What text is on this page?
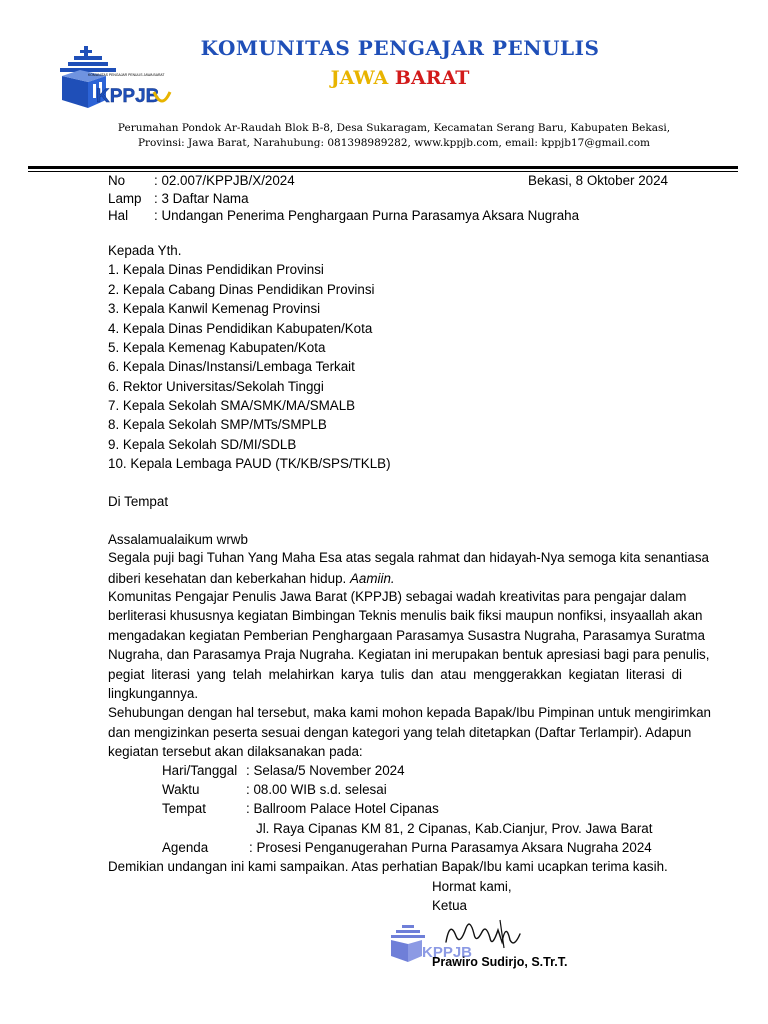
KOMUNITAS PENGAJAR PENULIS JAWA BARAT
KPPJB
KOMUNITAS PENGAJAR PENULIS
JAWA BARAT
Perumahan Pondok Ar-Raudah Blok B-8, Desa Sukaragam, Kecamatan Serang Baru, Kabupaten Bekasi,
Provinsi: Jawa Barat, Narahubung: 081398989282, www.kppjb.com, email: kppjb17@gmail.com
No : 02.007/KPPJB/X/2024	Bekasi, 8 Oktober 2024
Lamp : 3 Daftar Nama
Hal : Undangan Penerima Penghargaan Purna Parasamya Aksara Nugraha
Kepada Yth.
1. Kepala Dinas Pendidikan Provinsi
2. Kepala Cabang Dinas Pendidikan Provinsi
3. Kepala Kanwil Kemenag Provinsi
4. Kepala Dinas Pendidikan Kabupaten/Kota
5. Kepala Kemenag Kabupaten/Kota
6. Kepala Dinas/Instansi/Lembaga Terkait
6. Rektor Universitas/Sekolah Tinggi
7. Kepala Sekolah SMA/SMK/MA/SMALB
8. Kepala Sekolah SMP/MTs/SMPLB
9. Kepala Sekolah SD/MI/SDLB
10. Kepala Lembaga PAUD (TK/KB/SPS/TKLB)
Di Tempat
Assalamualaikum wrwb
Segala puji bagi Tuhan Yang Maha Esa atas segala rahmat dan hidayah-Nya semoga kita senantiasa
diberi kesehatan dan keberkahan hidup. Aamiin.
Komunitas Pengajar Penulis Jawa Barat (KPPJB) sebagai wadah kreativitas para pengajar dalam
berliterasi khususnya kegiatan Bimbingan Teknis menulis baik fiksi maupun nonfiksi, insyaallah akan
mengadakan kegiatan Pemberian Penghargaan Parasamya Susastra Nugraha, Parasamya Suratma
Nugraha, dan Parasamya Praja Nugraha. Kegiatan ini merupakan bentuk apresiasi bagi para penulis,
pegiat literasi yang telah melahirkan karya tulis dan atau menggerakkan kegiatan literasi di
lingkungannya.
Sehubungan dengan hal tersebut, maka kami mohon kepada Bapak/Ibu Pimpinan untuk mengirimkan
dan mengizinkan peserta sesuai dengan kategori yang telah ditetapkan (Daftar Terlampir). Adapun
kegiatan tersebut akan dilaksanakan pada:
Hari/Tanggal : Selasa/5 November 2024
Waktu	: 08.00 WIB s.d. selesai
Tempat	: Ballroom Palace Hotel Cipanas
Jl. Raya Cipanas KM 81, 2 Cipanas, Kab.Cianjur, Prov. Jawa Barat
Agenda	: Prosesi Penganugerahan Purna Parasamya Aksara Nugraha 2024
Demikian undangan ini kami sampaikan. Atas perhatian Bapak/Ibu kami ucapkan terima kasih.
Hormat kami,
Ketua
KPPJB
Prawiro Sudirjo, S.Tr.T.
